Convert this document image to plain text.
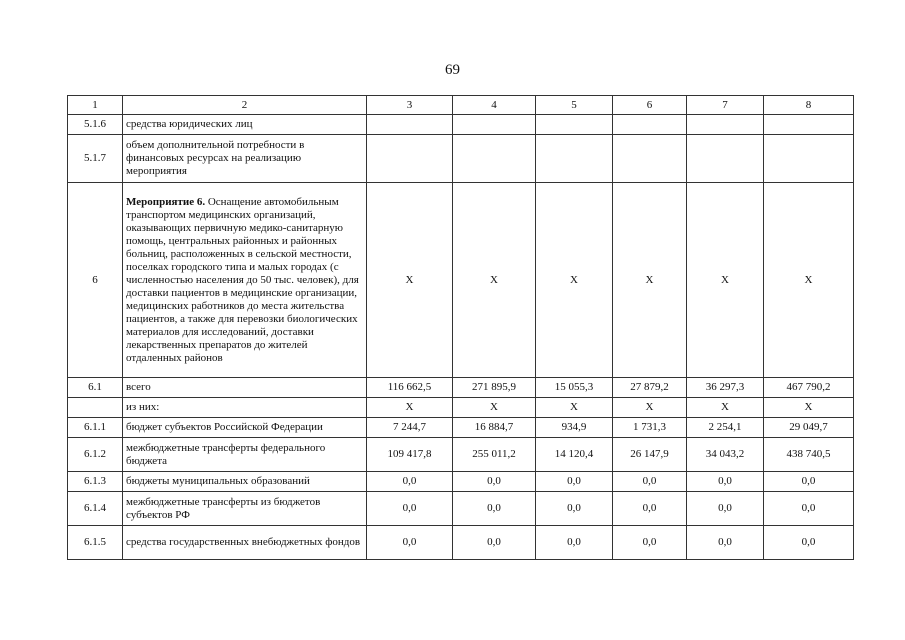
69
1	2	3	4	5	6	7	8
5.1.6	средства юридических лиц						
5.1.7	объем дополнительной потребности в финансовых ресурсах на реализацию мероприятия						
6	Мероприятие 6. Оснащение автомобильным транспортом медицинских организаций, оказывающих первичную медико-санитарную помощь, центральных районных и районных больниц, расположенных в сельской местности, поселках городского типа и малых городах (с численностью населения до 50 тыс. человек), для доставки пациентов в медицинские организации, медицинских работников до места жительства пациентов, а также для перевозки биологических материалов для исследований, доставки лекарственных препаратов до жителей отдаленных районов	X	X	X	X	X	X
6.1	всего	116 662,5	271 895,9	15 055,3	27 879,2	36 297,3	467 790,2
	из них:	X	X	X	X	X	X
6.1.1	бюджет субъектов Российской Федерации	7 244,7	16 884,7	934,9	1 731,3	2 254,1	29 049,7
6.1.2	межбюджетные трансферты федерального бюджета	109 417,8	255 011,2	14 120,4	26 147,9	34 043,2	438 740,5
6.1.3	бюджеты муниципальных образований	0,0	0,0	0,0	0,0	0,0	0,0
6.1.4	межбюджетные трансферты из бюджетов субъектов РФ	0,0	0,0	0,0	0,0	0,0	0,0
6.1.5	средства государственных внебюджетных фондов	0,0	0,0	0,0	0,0	0,0	0,0
